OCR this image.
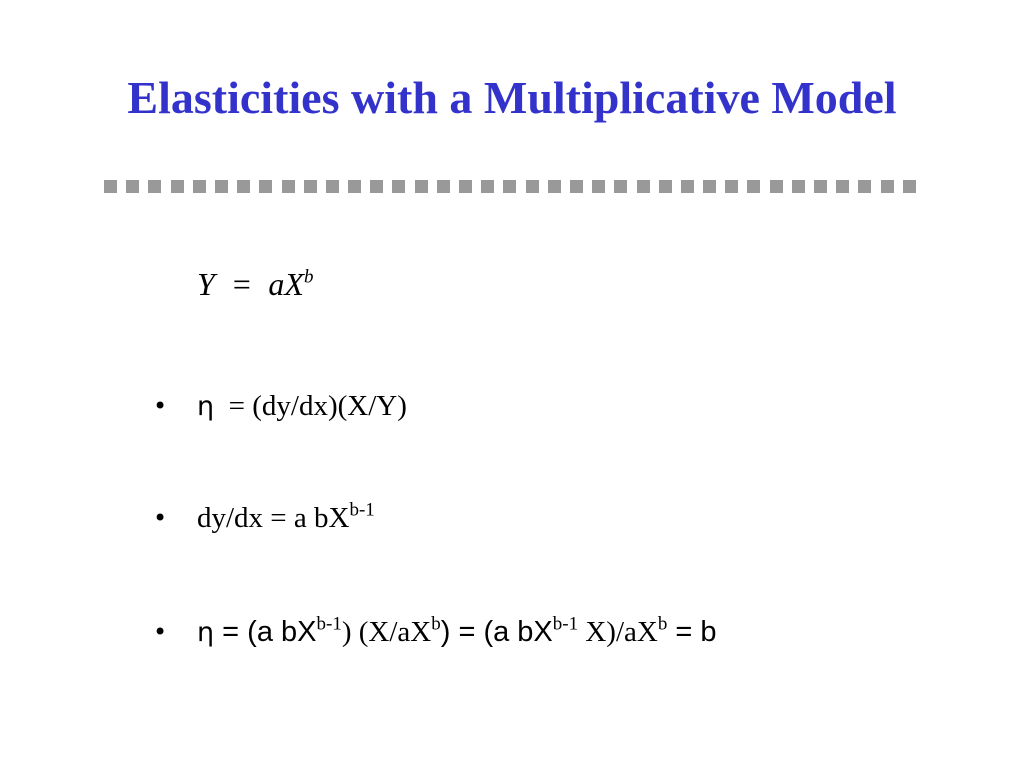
Elasticities with a Multiplicative Model
$Y = aX^b$

•

η  = (dy/dx)(X/Y)

•

dy/dx = a $bX^{b-1}$

•

η = (a $bX^{b-1}$) $(X/aX^b) = (a$ $bX^{b-1}$ $X)/aX^b = b$
